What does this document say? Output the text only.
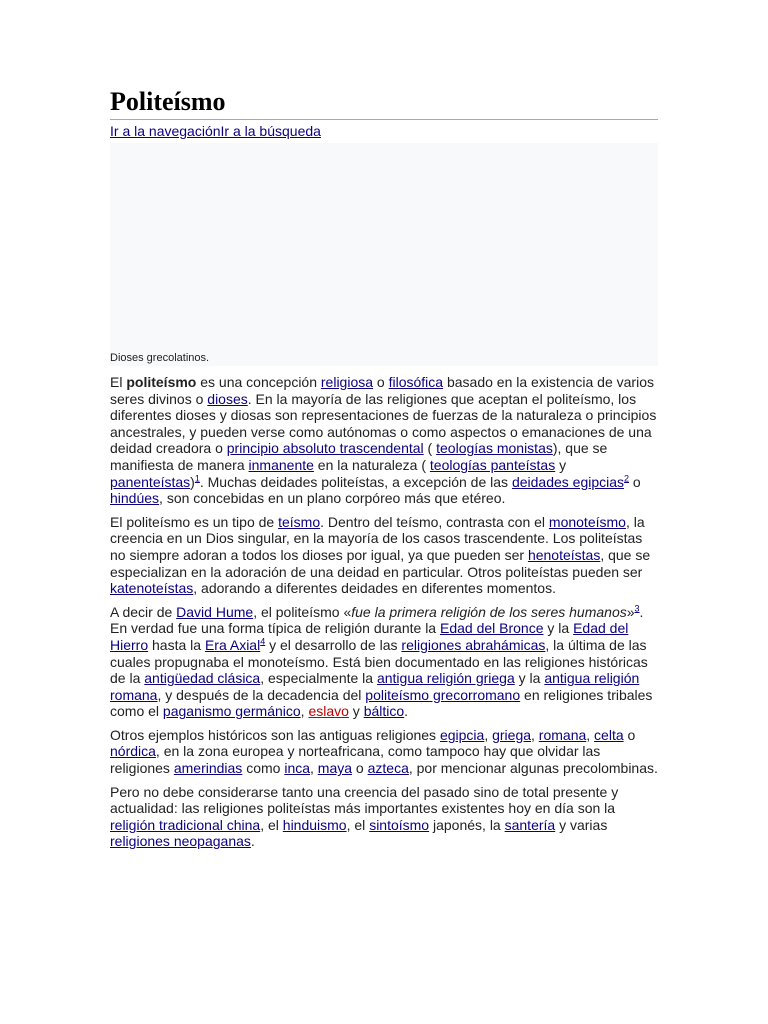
Politeísmo
Ir a la navegaciónIr a la búsqueda
Dioses grecolatinos.

El politeísmo es una concepción religiosa o filosófica basado en la existencia de varios seres divinos o dioses. En la mayoría de las religiones que aceptan el politeísmo, los diferentes dioses y diosas son representaciones de fuerzas de la naturaleza o principios ancestrales, y pueden verse como autónomas o como aspectos o emanaciones de una deidad creadora o principio absoluto trascendental ( teologías monistas), que se manifiesta de manera inmanente en la naturaleza ( teologías panteístas y panenteístas)$^1$. Muchas deidades politeístas, a excepción de las deidades egipcias$^2$ o hindúes, son concebidas en un plano corpóreo más que etéreo.

El politeísmo es un tipo de teísmo. Dentro del teísmo, contrasta con el monoteísmo, la creencia en un Dios singular, en la mayoría de los casos trascendente. Los politeístas no siempre adoran a todos los dioses por igual, ya que pueden ser henoteístas, que se especializan en la adoración de una deidad en particular. Otros politeístas pueden ser katenoteístas, adorando a diferentes deidades en diferentes momentos.

A decir de David Hume, el politeísmo «fue la primera religión de los seres humanos»$^3$. En verdad fue una forma típica de religión durante la Edad del Bronce y la Edad del Hierro hasta la Era Axial$^4$ y el desarrollo de las religiones abrahámicas, la última de las cuales propugnaba el monoteísmo. Está bien documentado en las religiones históricas de la antigüedad clásica, especialmente la antigua religión griega y la antigua religión romana, y después de la decadencia del politeísmo grecorromano en religiones tribales como el paganismo germánico, eslavo y báltico.

Otros ejemplos históricos son las antiguas religiones egipcia, griega, romana, celta o nórdica, en la zona europea y norteafricana, como tampoco hay que olvidar las religiones amerindias como inca, maya o azteca, por mencionar algunas precolombinas.

Pero no debe considerarse tanto una creencia del pasado sino de total presente y actualidad: las religiones politeístas más importantes existentes hoy en día son la religión tradicional china, el hinduismo, el sintoísmo japonés, la santería y varias religiones neopaganas.
